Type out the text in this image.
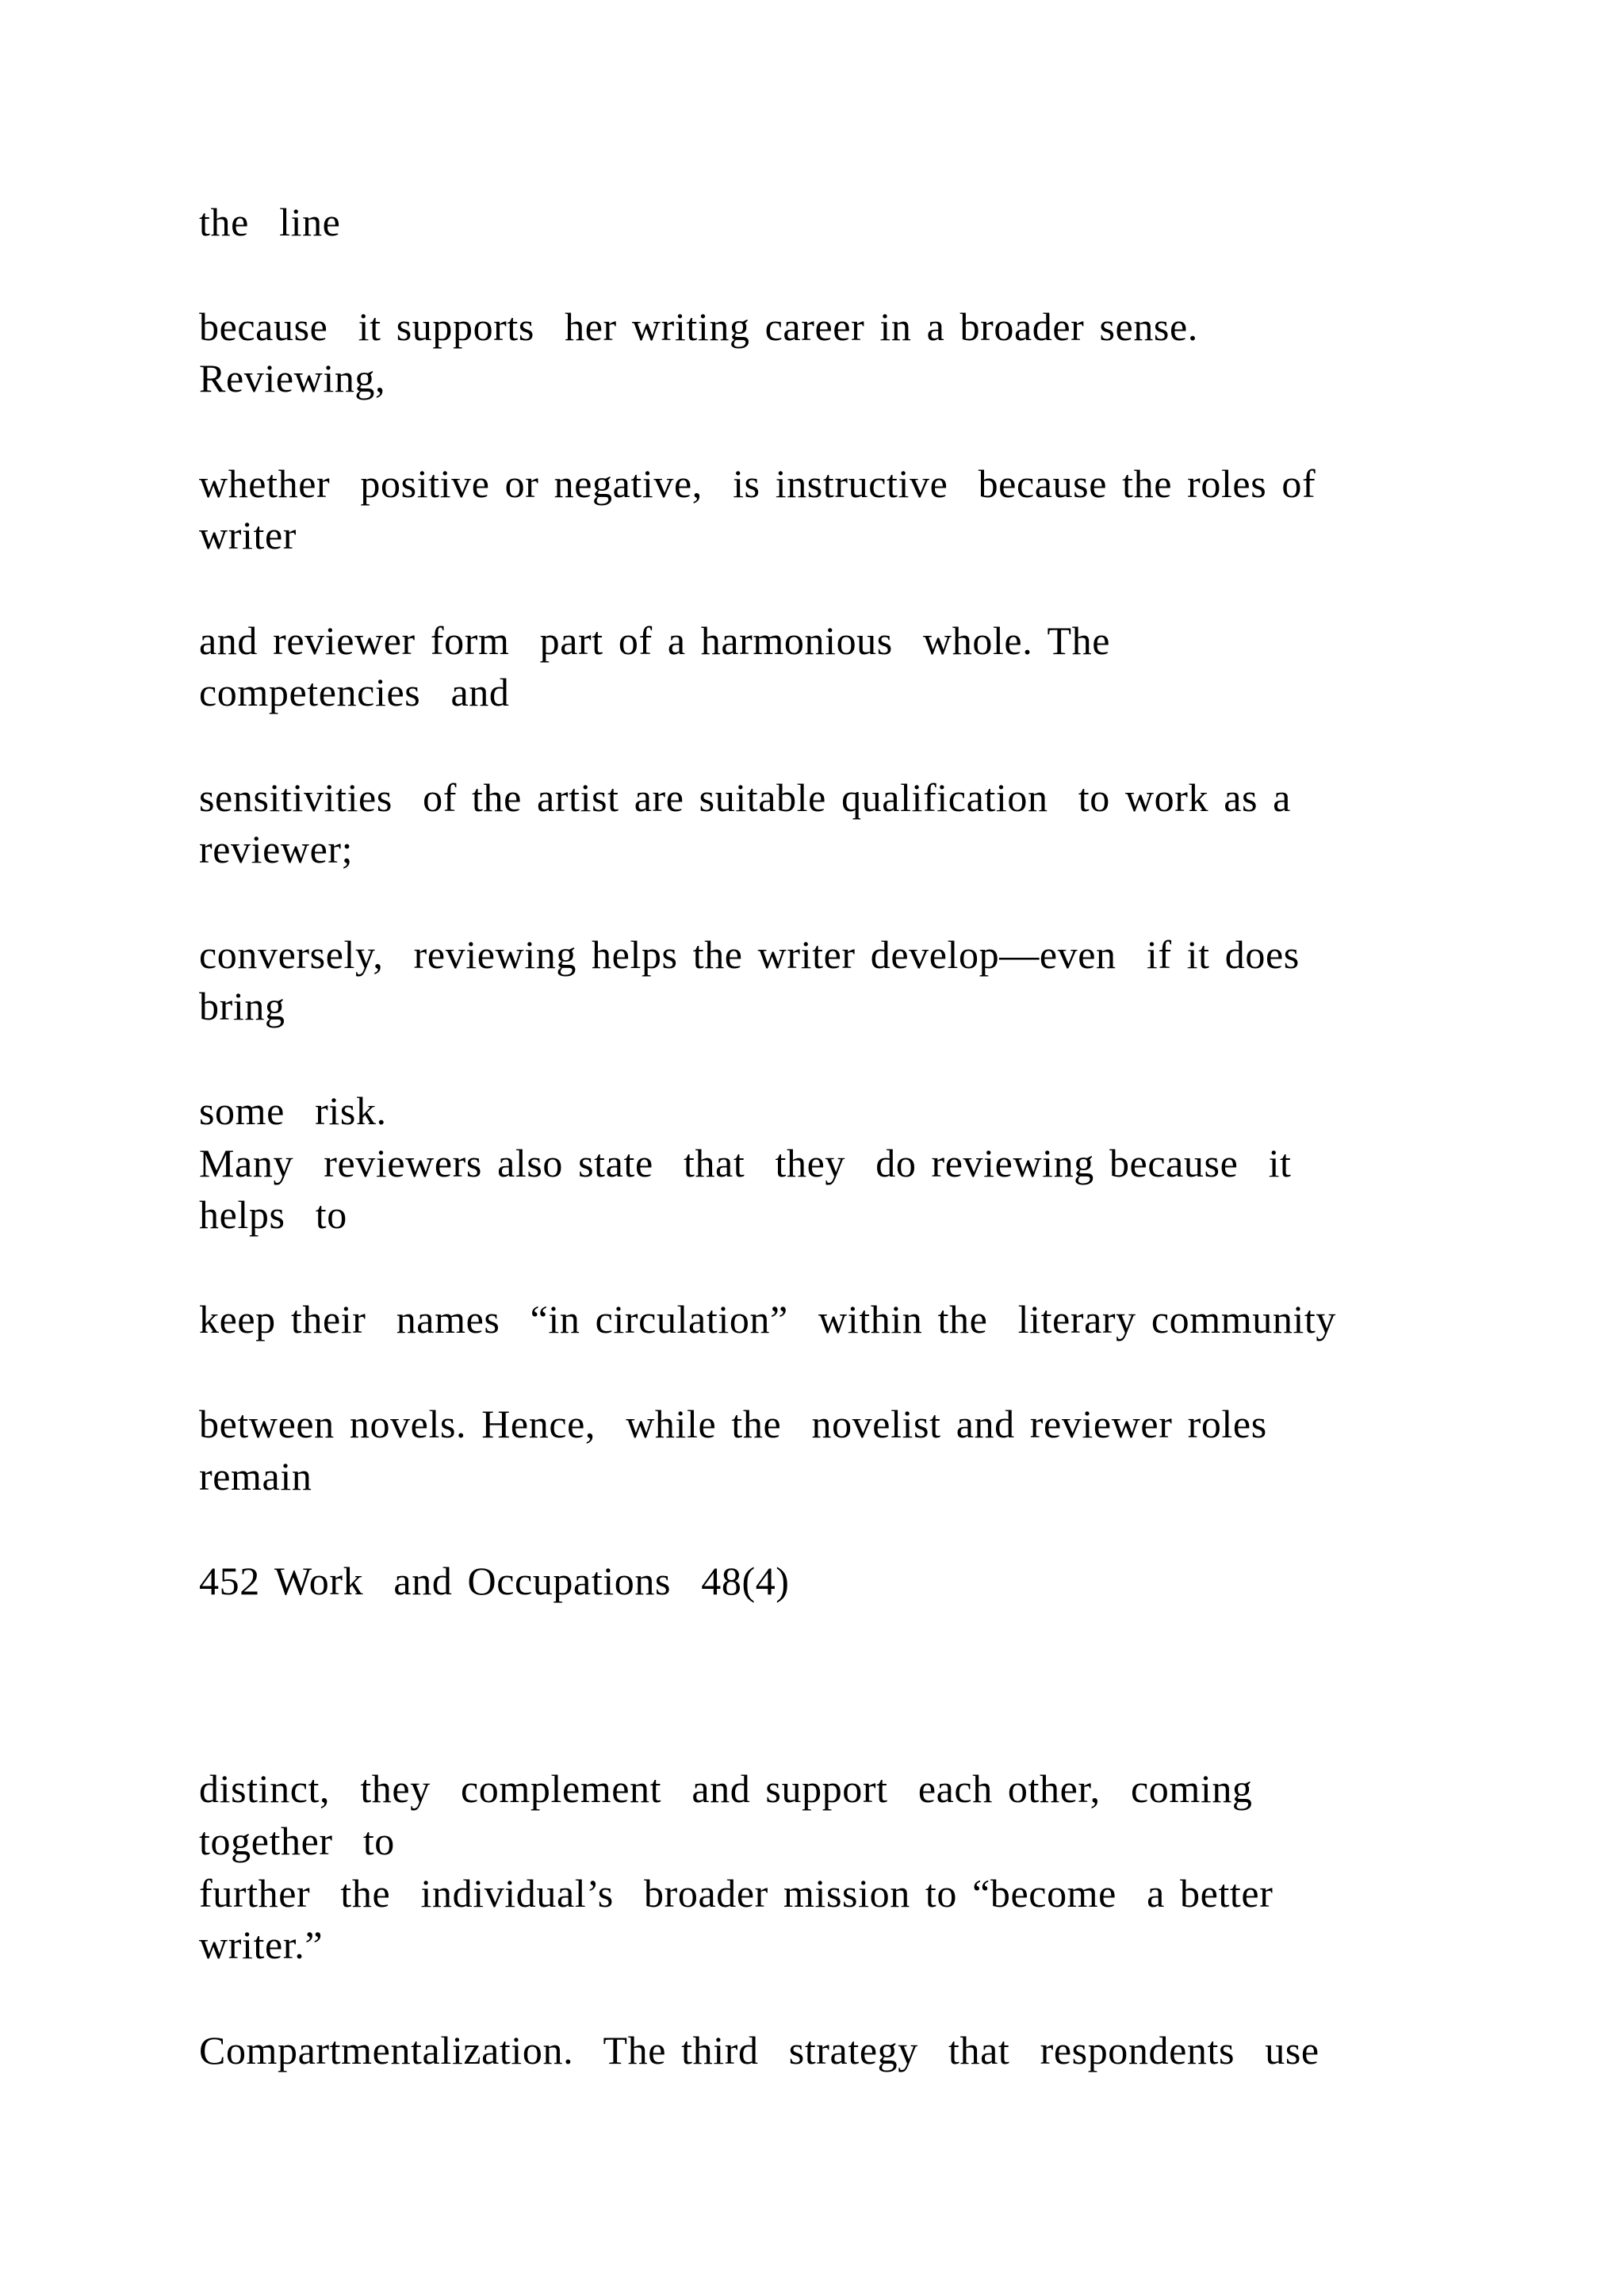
the  line

because  it supports  her writing career in a broader sense.

Reviewing,

whether  positive or negative,  is instructive  because the roles of

writer

and reviewer form  part of a harmonious  whole. The

competencies  and

sensitivities  of the artist are suitable qualification  to work as a

reviewer;

conversely,  reviewing helps the writer develop—even  if it does

bring

some  risk.

Many  reviewers also state  that  they  do reviewing because  it

helps  to

keep their  names  “in circulation”  within the  literary community

between novels. Hence,  while the  novelist and reviewer roles

remain

452 Work  and Occupations  48(4)

distinct,  they  complement  and support  each other,  coming

together  to

further  the  individual’s  broader mission to “become  a better

writer.”

Compartmentalization.  The third  strategy  that  respondents  use
